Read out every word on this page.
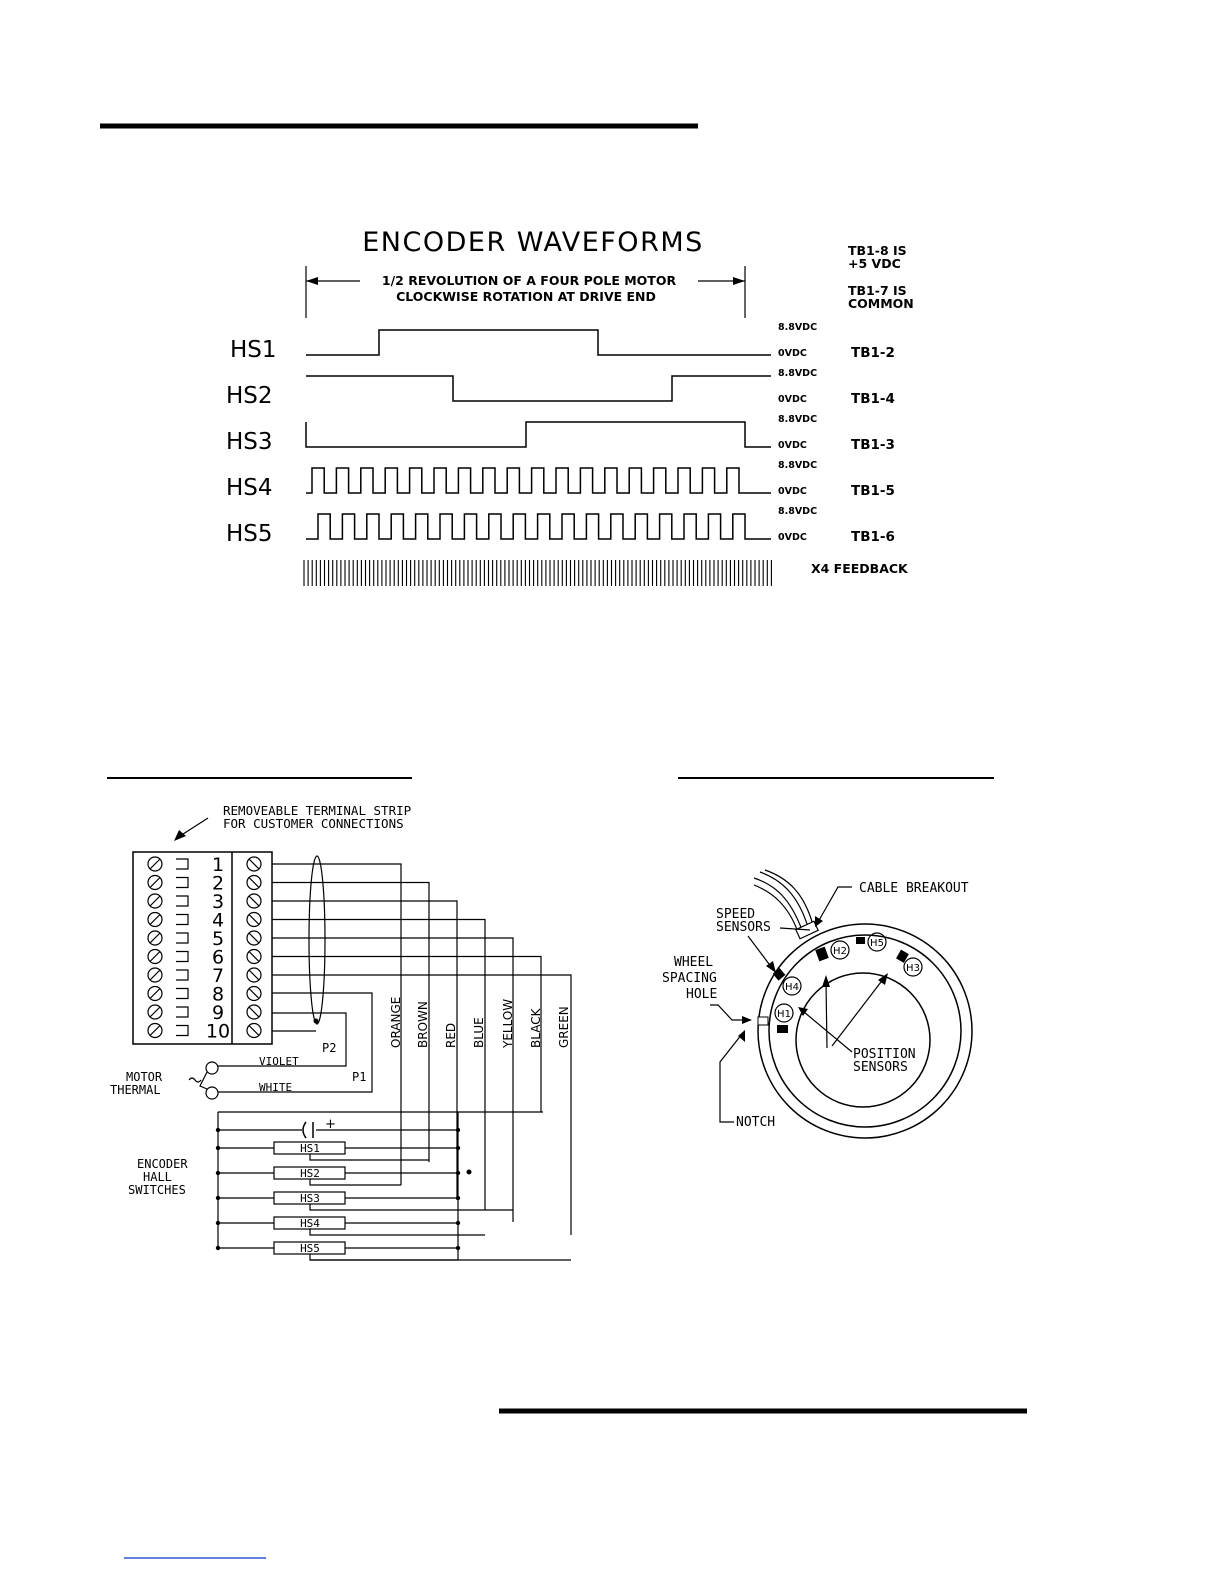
ENCODER WAVEFORMS
1/2 REVOLUTION OF A FOUR POLE MOTOR
CLOCKWISE ROTATION AT DRIVE END
TB1-8 IS
+5 VDC
TB1-7 IS
COMMON
HS1
HS2
HS3
HS4
HS5
8.8VDC
0VDC
8.8VDC
0VDC
8.8VDC
0VDC
8.8VDC
0VDC
8.8VDC
0VDC
TB1-2
TB1-4
TB1-3
TB1-5
TB1-6
X4 FEEDBACK
REMOVEABLE TERMINAL STRIP
FOR CUSTOMER CONNECTIONS
1
2
3
4
5
6
7
8
9
10	ORANGE BROWN RED BLUE YELLOW BLACK GREEN
P2
P1
VIOLET
WHITE
MOTOR
THERMAL
+
HS1
HS2
HS3
HS4
HS5
ENCODER
HALL
SWITCHES
H2
H5
H3
H4
H1
CABLE BREAKOUT
SPEED
SENSORS
WHEEL
SPACING
HOLE
NOTCH
POSITION
SENSORS
